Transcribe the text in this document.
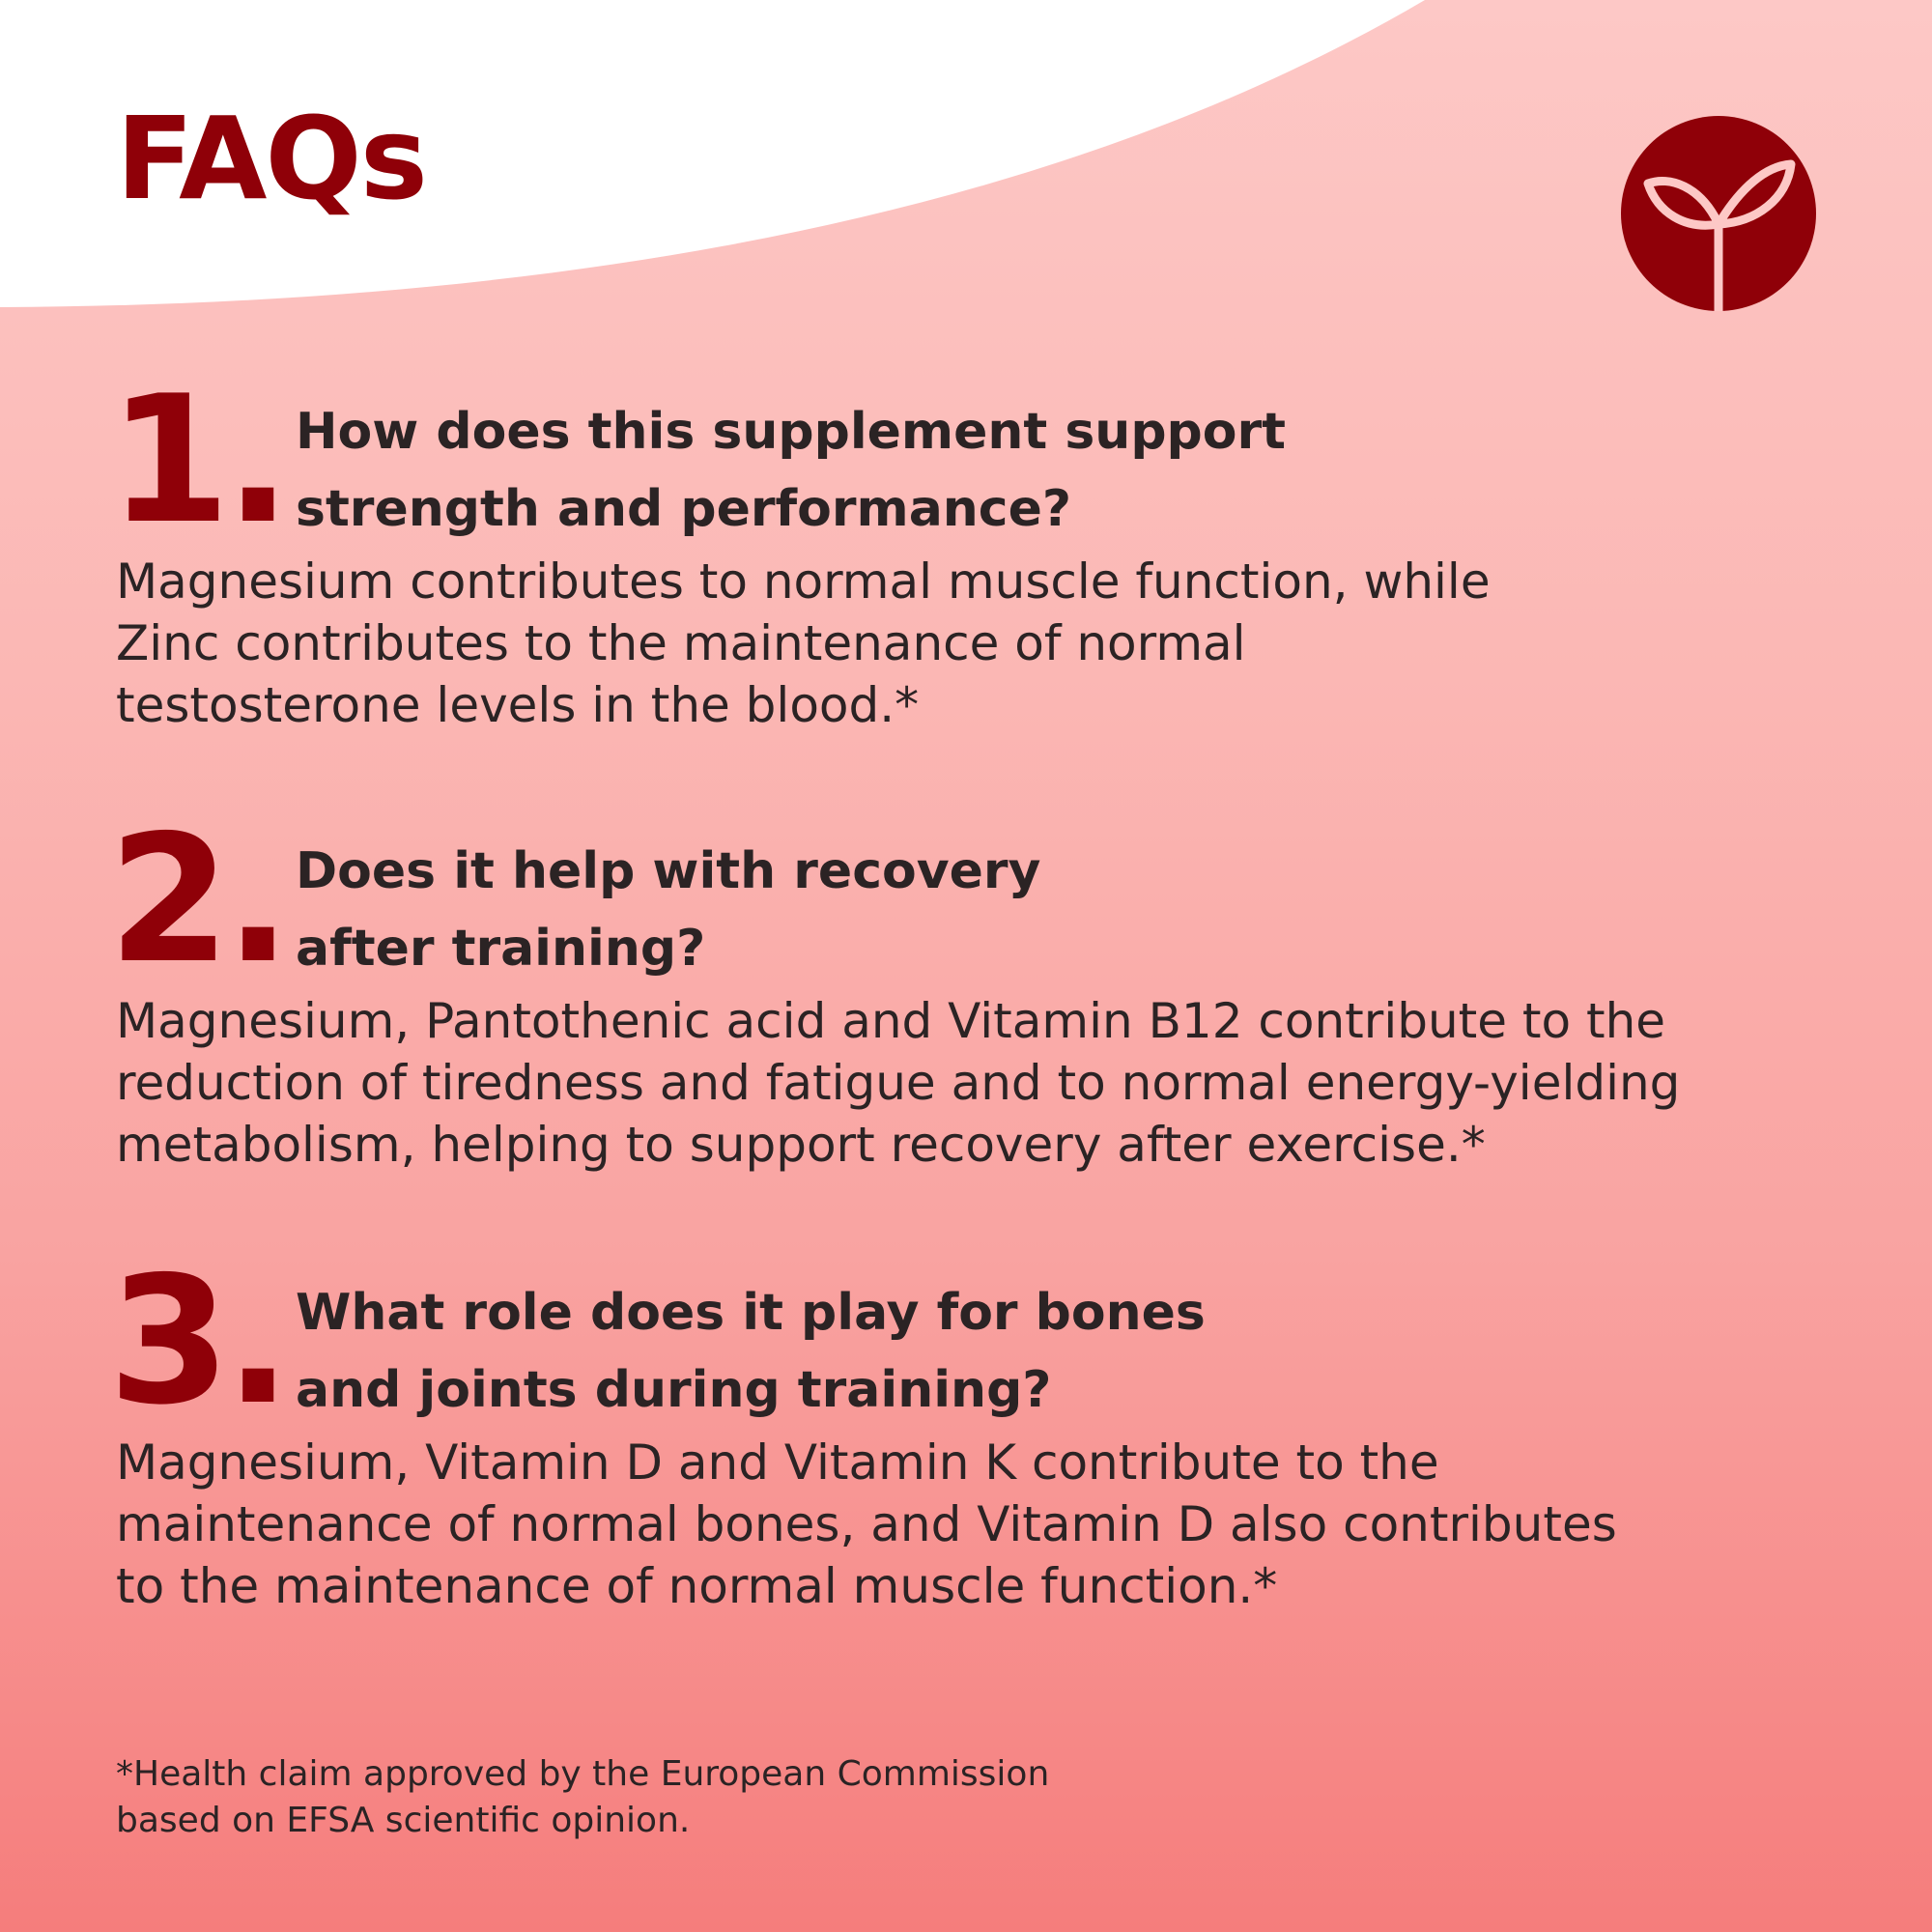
FAQs
1. How does this supplement support
strength and performance?

Magnesium contributes to normal muscle function, while
Zinc contributes to the maintenance of normal
testosterone levels in the blood.*

2. Does it help with recovery
after training?

Magnesium, Pantothenic acid and Vitamin B12 contribute to the
reduction of tiredness and fatigue and to normal energy-yielding
metabolism, helping to support recovery after exercise.*

3. What role does it play for bones
and joints during training?

Magnesium, Vitamin D and Vitamin K contribute to the
maintenance of normal bones, and Vitamin D also contributes
to the maintenance of normal muscle function.*

*Health claim approved by the European Commission
based on EFSA scientific opinion.
